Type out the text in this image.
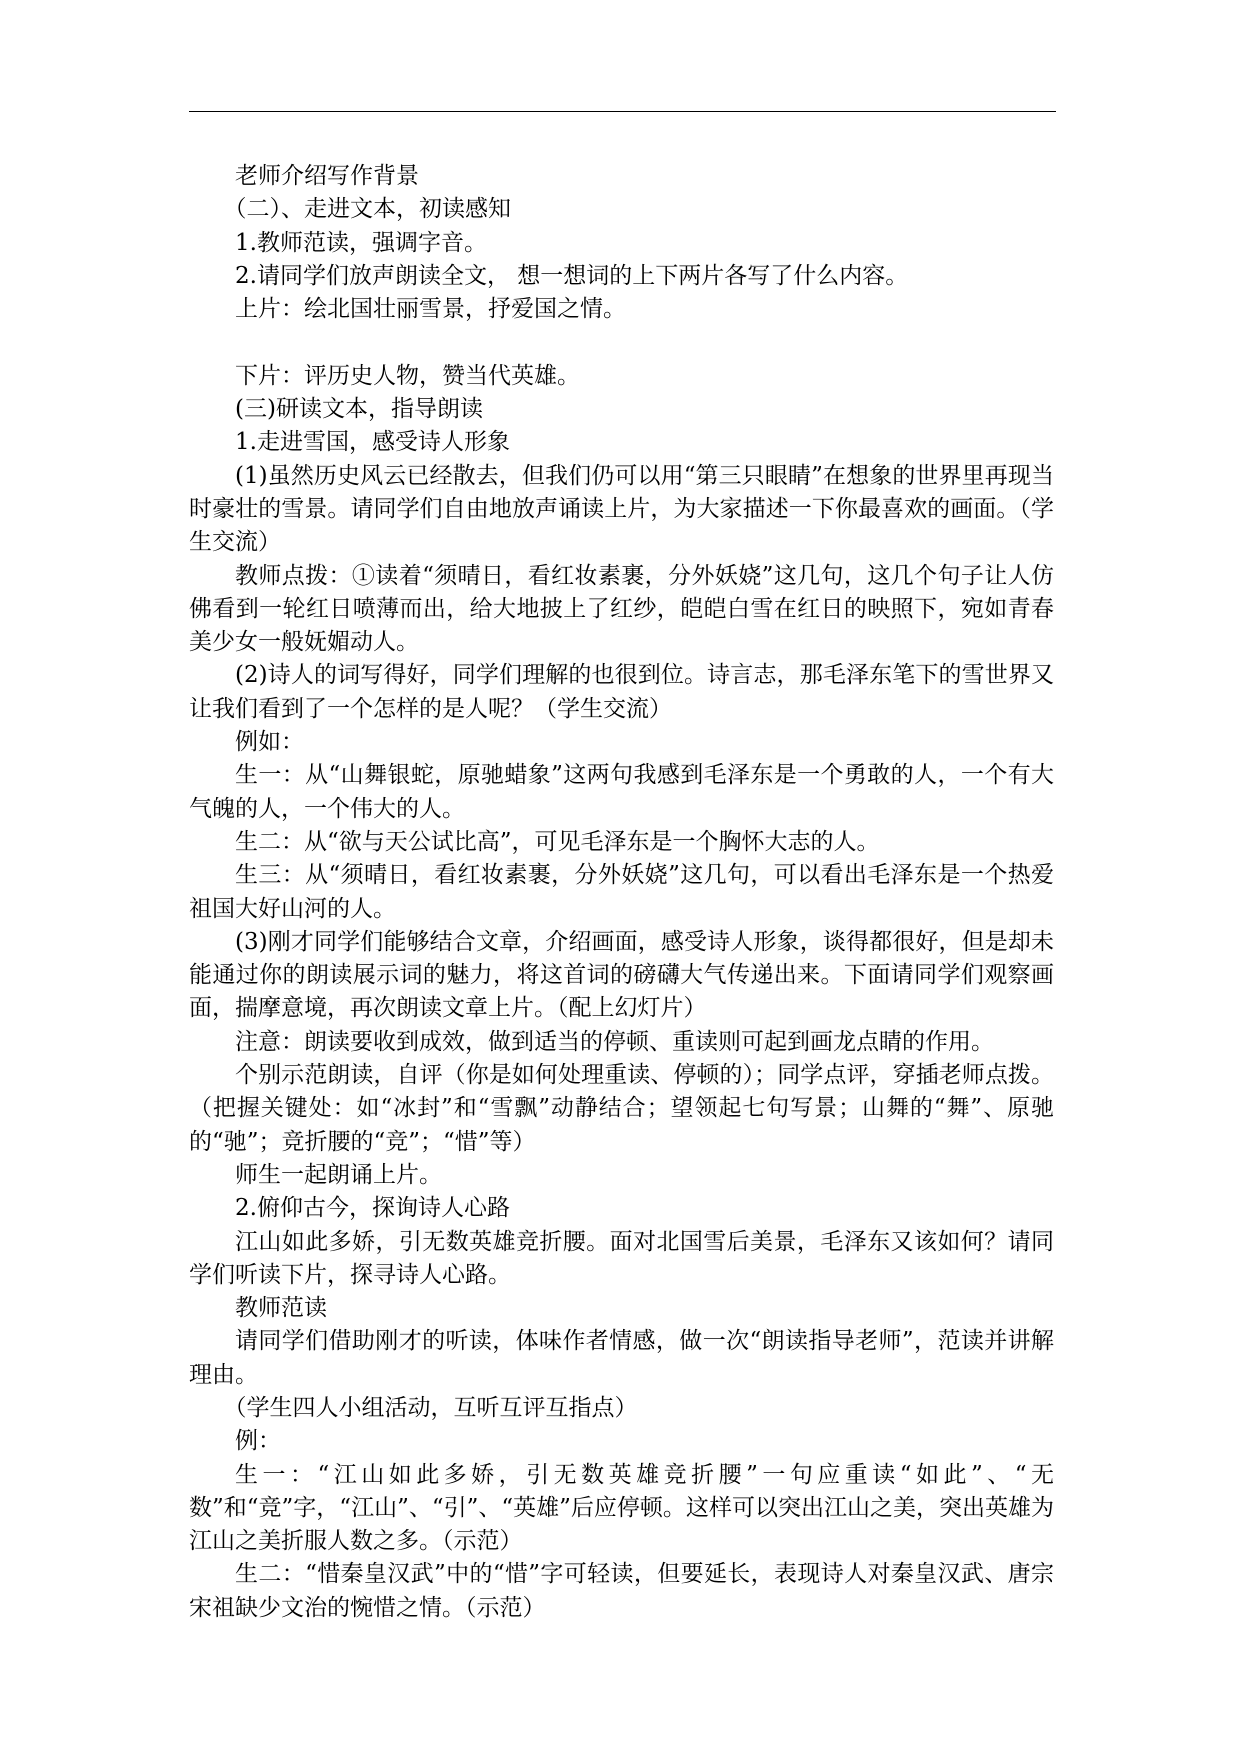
老师介绍写作背景

（二）、走进文本，初读感知

1.教师范读，强调字音。

2.请同学们放声朗读全文， 想一想词的上下两片各写了什么内容。

上片：绘北国壮丽雪景，抒爱国之情。

下片：评历史人物，赞当代英雄。

(三)研读文本，指导朗读

1.走进雪国，感受诗人形象

(1)虽然历史风云已经散去，但我们仍可以用“第三只眼睛”在想象的世界里再现当时豪壮的雪景。请同学们自由地放声诵读上片，为大家描述一下你最喜欢的画面。（学生交流）

教师点拨：①读着“须晴日，看红妆素裹，分外妖娆”这几句，这几个句子让人仿佛看到一轮红日喷薄而出，给大地披上了红纱，皑皑白雪在红日的映照下，宛如青春美少女一般妩媚动人。

(2)诗人的词写得好，同学们理解的也很到位。诗言志，那毛泽东笔下的雪世界又让我们看到了一个怎样的是人呢？（学生交流）

例如：

生一：从“山舞银蛇，原驰蜡象”这两句我感到毛泽东是一个勇敢的人，一个有大气魄的人，一个伟大的人。

生二：从“欲与天公试比高”，可见毛泽东是一个胸怀大志的人。

生三：从“须晴日，看红妆素裹，分外妖娆”这几句，可以看出毛泽东是一个热爱祖国大好山河的人。

(3)刚才同学们能够结合文章，介绍画面，感受诗人形象，谈得都很好，但是却未能通过你的朗读展示词的魅力，将这首词的磅礴大气传递出来。下面请同学们观察画面，揣摩意境，再次朗读文章上片。（配上幻灯片）

注意：朗读要收到成效，做到适当的停顿、重读则可起到画龙点睛的作用。

个别示范朗读，自评（你是如何处理重读、停顿的）；同学点评，穿插老师点拨。（把握关键处：如“冰封”和“雪飘”动静结合；望领起七句写景；山舞的“舞”、原驰的“驰”；竞折腰的“竞”；“惜”等）

师生一起朗诵上片。

2.俯仰古今，探询诗人心路

江山如此多娇，引无数英雄竞折腰。面对北国雪后美景，毛泽东又该如何？请同学们听读下片，探寻诗人心路。

教师范读

请同学们借助刚才的听读，体味作者情感，做一次“朗读指导老师”，范读并讲解理由。

（学生四人小组活动，互听互评互指点）

例：

生一：“江山如此多娇，引无数英雄竞折腰”一句应重读“如此”、“无数”和“竞”字，“江山”、“引”、“英雄”后应停顿。这样可以突出江山之美，突出英雄为江山之美折服人数之多。（示范）

生二：“惜秦皇汉武”中的“惜”字可轻读，但要延长，表现诗人对秦皇汉武、唐宗宋祖缺少文治的惋惜之情。（示范）
